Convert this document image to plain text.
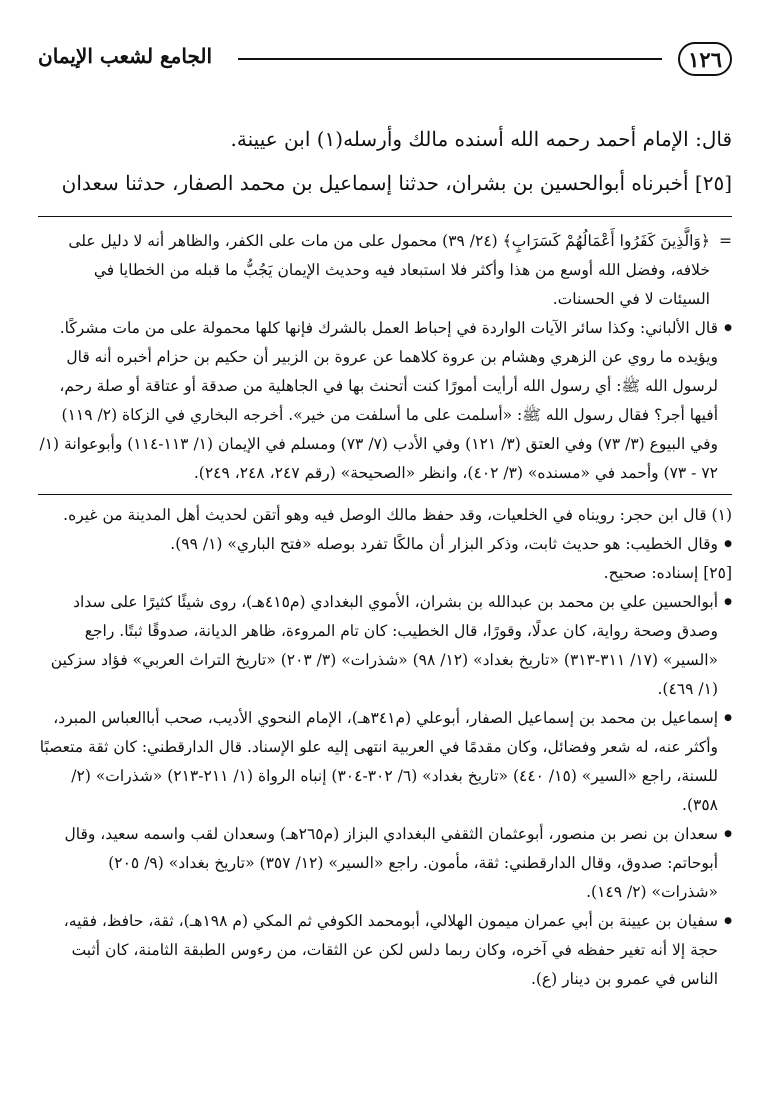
١٢٦
الجامع لشعب الإيمان

قال: الإمام أحمد رحمه الله أسنده مالك وأرسله(١) ابن عيينة.

[٢٥] أخبرناه أبوالحسين بن بشران، حدثنا إسماعيل بن محمد الصفار، حدثنا سعدان

=
﴿وَالَّذِينَ كَفَرُوا أَعْمَالُهُمْ كَسَرَابٍ﴾ (٢٤/ ٣٩) محمول على من مات على الكفر، والظاهر أنه لا دليل على خلافه، وفضل الله أوسع من هذا وأكثر فلا استبعاد فيه وحديث الإيمان يَجُبُّ ما قبله من الخطايا في السيئات لا في الحسنات.

● قال الألباني: وكذا سائر الآيات الواردة في إحباط العمل بالشرك فإنها كلها محمولة على من مات مشركًا. ويؤيده ما روي عن الزهري وهشام بن عروة كلاهما عن عروة بن الزبير أن حكيم بن حزام أخبره أنه قال لرسول الله ﷺ: أي رسول الله أرأيت أمورًا كنت أتحنث بها في الجاهلية من صدقة أو عتاقة أو صلة رحم، أفيها أجر؟ فقال رسول الله ﷺ: «أسلمت على ما أسلفت من خير». أخرجه البخاري في الزكاة (٢/ ١١٩) وفي البيوع (٣/ ٧٣) وفي العتق (٣/ ١٢١) وفي الأدب (٧/ ٧٣) ومسلم في الإيمان (١/ ١١٣-١١٤) وأبوعوانة (١/ ٧٢ - ٧٣) وأحمد في «مسنده» (٣/ ٤٠٢)، وانظر «الصحيحة» (رقم ٢٤٧، ٢٤٨، ٢٤٩).

(١) قال ابن حجر: رويناه في الخلعيات، وقد حفظ مالك الوصل فيه وهو أتقن لحديث أهل المدينة من غيره.

● وقال الخطيب: هو حديث ثابت، وذكر البزار أن مالكًا تفرد بوصله «فتح الباري» (١/ ٩٩).

[٢٥] إسناده: صحيح.

● أبوالحسين علي بن محمد بن عبدالله بن بشران، الأموي البغدادي (م٤١٥هـ)، روى شيئًا كثيرًا على سداد وصدق وصحة رواية، كان عدلًا، وقورًا، قال الخطيب: كان تام المروءة، ظاهر الديانة، صدوقًا ثبتًا. راجع «السير» (١٧/ ٣١١-٣١٣) «تاريخ بغداد» (١٢/ ٩٨) «شذرات» (٣/ ٢٠٣) «تاريخ التراث العربي» فؤاد سزكين (١/ ٤٦٩).

● إسماعيل بن محمد بن إسماعيل الصفار، أبوعلي (م٣٤١هـ)، الإمام النحوي الأديب، صحب أباالعباس المبرد، وأكثر عنه، له شعر وفضائل، وكان مقدمًا في العربية انتهى إليه علو الإسناد. قال الدارقطني: كان ثقة متعصبًا للسنة، راجع «السير» (١٥/ ٤٤٠) «تاريخ بغداد» (٦/ ٣٠٢-٣٠٤) إنباه الرواة (١/ ٢١١-٢١٣) «شذرات» (٢/ ٣٥٨).

● سعدان بن نصر بن منصور، أبوعثمان الثقفي البغدادي البزاز (م٢٦٥هـ) وسعدان لقب واسمه سعيد، وقال أبوحاتم: صدوق، وقال الدارقطني: ثقة، مأمون. راجع «السير» (١٢/ ٣٥٧) «تاريخ بغداد» (٩/ ٢٠٥) «شذرات» (٢/ ١٤٩).

● سفيان بن عيينة بن أبي عمران ميمون الهلالي، أبومحمد الكوفي ثم المكي (م ١٩٨هـ)، ثقة، حافظ، فقيه، حجة إلا أنه تغير حفظه في آخره، وكان ربما دلس لكن عن الثقات، من رءوس الطبقة الثامنة، كان أثبت الناس في عمرو بن دينار (ع).
